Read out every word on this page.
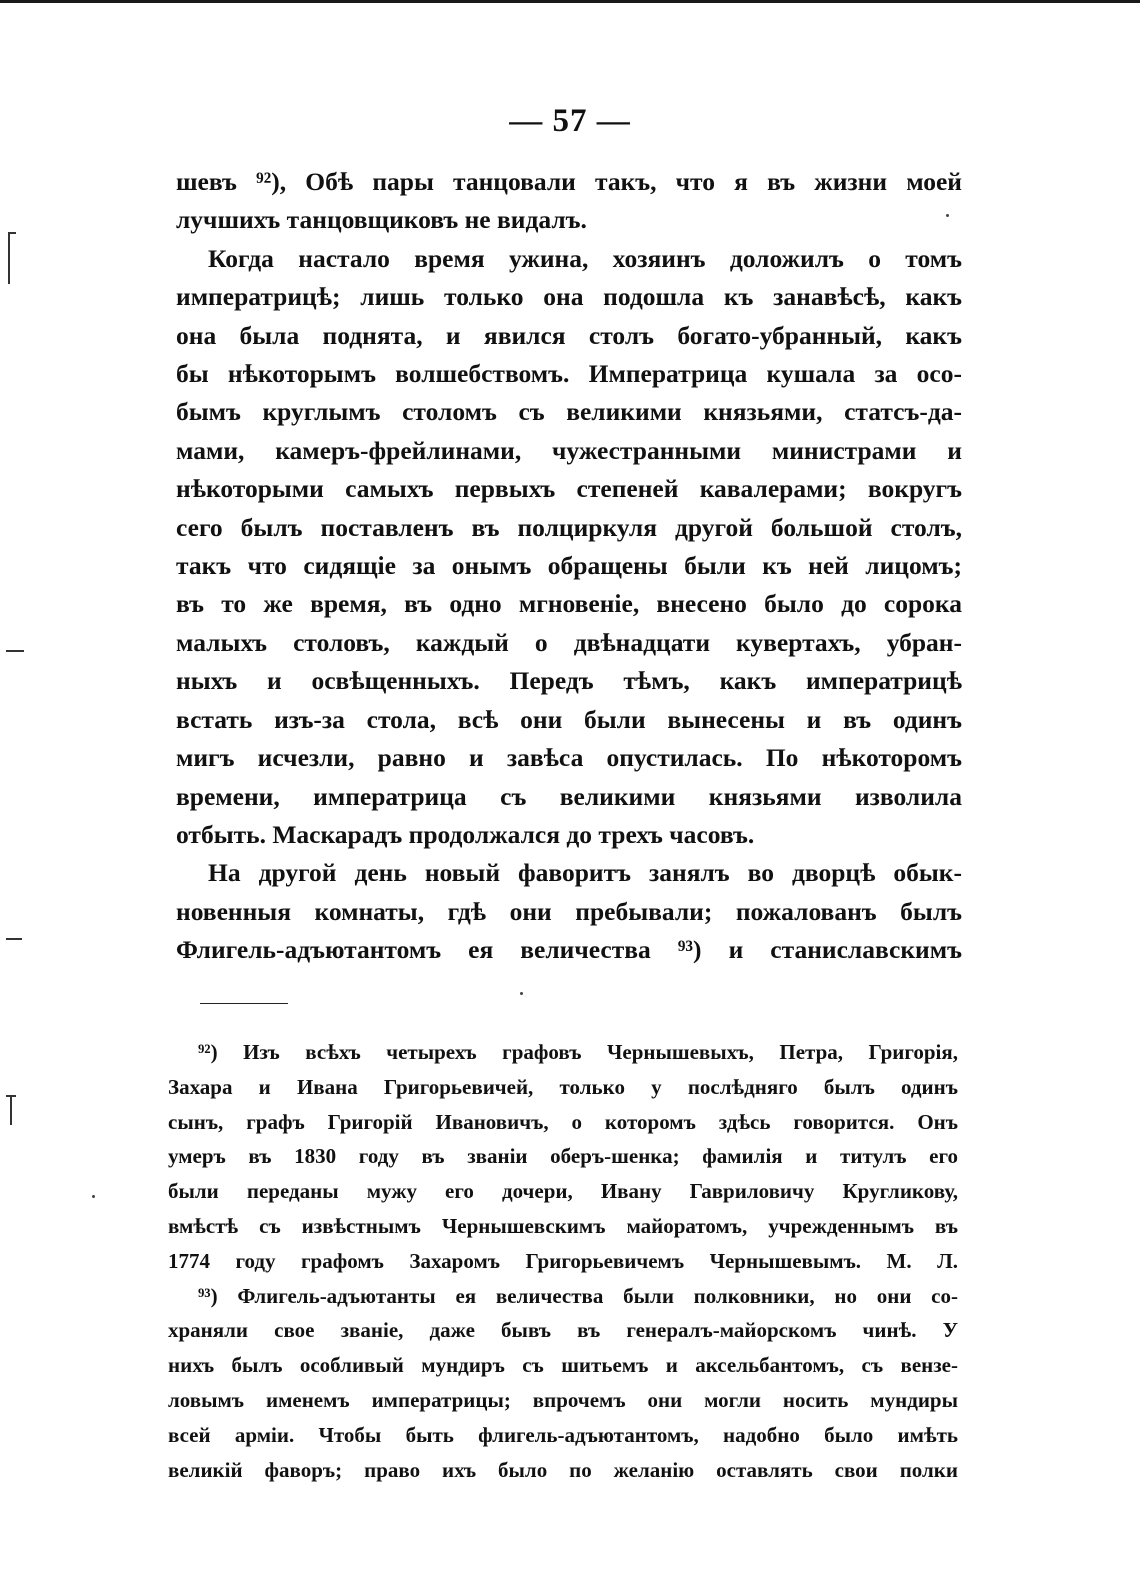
— 57 —

шевъ ⁹²), Обѣ пары танцовали такъ, что я въ жизни моей
лучшихъ танцовщиковъ не видалъ.

Когда настало время ужина, хозяинъ доложилъ о томъ
императрицѣ; лишь только она подошла къ занавѣсѣ, какъ
она была поднята, и явился столъ богато-убранный, какъ
бы нѣкоторымъ волшебствомъ. Императрица кушала за осо-
бымъ круглымъ столомъ съ великими князьями, статсъ-да-
мами, камеръ-фрейлинами, чужестранными министрами и
нѣкоторыми самыхъ первыхъ степеней кавалерами; вокругъ
сего былъ поставленъ въ полциркуля другой большой столъ,
такъ что сидящіе за онымъ обращены были къ ней лицомъ;
въ то же время, въ одно мгновеніе, внесено было до сорока
малыхъ столовъ, каждый о двѣнадцати кувертахъ, убран-
ныхъ и освѣщенныхъ. Передъ тѣмъ, какъ императрицѣ
встать изъ-за стола, всѣ они были вынесены и въ одинъ
мигъ исчезли, равно и завѣса опустилась. По нѣкоторомъ
времени, императрица съ великими князьями изволила
отбыть. Маскарадъ продолжался до трехъ часовъ.

На другой день новый фаворитъ занялъ во дворцѣ обык-
новенныя комнаты, гдѣ они пребывали; пожалованъ былъ
Флигель-адъютантомъ ея величества ⁹³) и станиславскимъ

⁹²) Изъ всѣхъ четырехъ графовъ Чернышевыхъ, Петра, Григорія,
Захара и Ивана Григорьевичей, только у послѣдняго былъ одинъ
сынъ, графъ Григорій Ивановичъ, о которомъ здѣсь говорится. Онъ
умеръ въ 1830 году въ званіи оберъ-шенка; фамилія и титулъ его
были переданы мужу его дочери, Ивану Гавриловичу Кругликову,
вмѣстѣ съ извѣстнымъ Чернышевскимъ майоратомъ, учрежденнымъ въ
1774 году графомъ Захаромъ Григорьевичемъ Чернышевымъ. М. Л.

⁹³) Флигель-адъютанты ея величества были полковники, но они со-
храняли свое званіе, даже бывъ въ генералъ-майорскомъ чинѣ. У
нихъ былъ особливый мундиръ съ шитьемъ и аксельбантомъ, съ вензе-
ловымъ именемъ императрицы; впрочемъ они могли носить мундиры
всей арміи. Чтобы быть флигель-адъютантомъ, надобно было имѣть
великій фаворъ; право ихъ было по желанію оставлять свои полки
